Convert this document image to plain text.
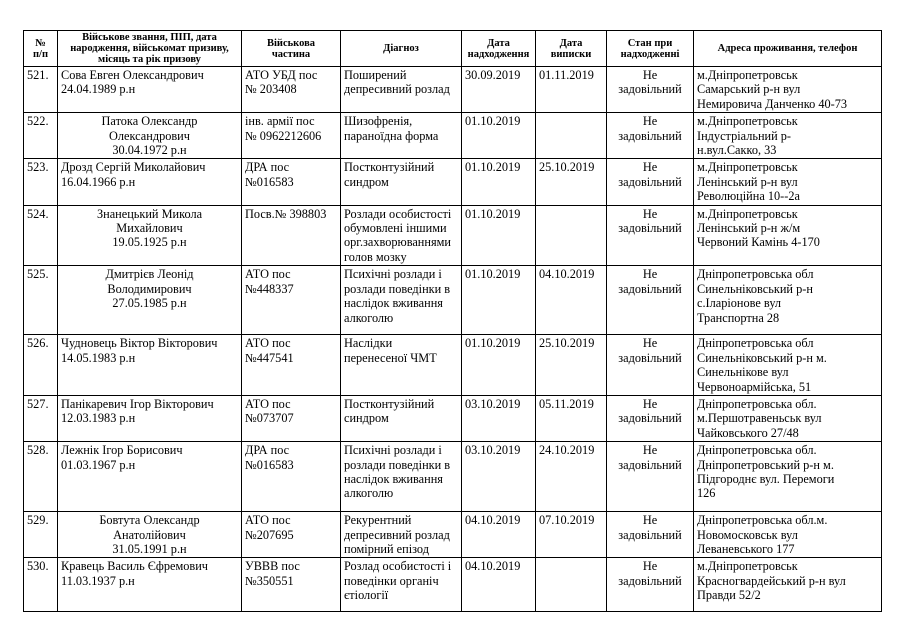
№
п/п	Військове звання, ПІП, дата
народження, військомат призиву,
місяць та рік призову	Військова
частина	Діагноз	Дата
надходження	Дата
виписки	Стан при
надходженні	Адреса проживання, телефон

521.	Сова Евген Олександрович
24.04.1989 р.н	АТО УБД пос
№ 203408	Поширений
депресивний розлад	30.09.2019	01.11.2019	Не
задовільний	м.Дніпропетровськ
Самарський р-н вул
Немировича Данченко 40-73

522.	Патока Олександр
Олександрович
30.04.1972 р.н	інв. армії пос
№ 0962212606	Шизофренія,
параноїдна форма	01.10.2019		Не
задовільний	м.Дніпропетровськ
Індустріальний р-
н.вул.Сакко, 33

523.	Дрозд Сергій Миколайович
16.04.1966 р.н	ДРА пос
№016583	Постконтузійний
синдром	01.10.2019	25.10.2019	Не
задовільний	м.Дніпропетровськ
Ленінський р-н вул
Революційна 10--2а

524.	Знанецький Микола
Михайлович
19.05.1925 р.н	Посв.№ 398803	Розлади особистості
обумовлені іншими
орг.захворюваннями
голов мозку	01.10.2019		Не
задовільний	м.Дніпропетровськ
Ленінський р-н ж/м
Червоний Камінь 4-170

525.	Дмитрієв Леонід
Володимирович
27.05.1985 р.н	АТО пос
№448337	Психічні розлади і
розлади поведінки в
наслідок вживання
алкоголю	01.10.2019	04.10.2019	Не
задовільний	Дніпропетровська обл
Синельніковський р-н
с.Іларіонове вул
Транспортна 28

526.	Чудновець Віктор Вікторович
14.05.1983 р.н	АТО пос
№447541	Наслідки
перенесеної ЧМТ	01.10.2019	25.10.2019	Не
задовільний	Дніпропетровська обл
Синельніковський р-н м.
Синельнікове вул
Червоноармійська, 51

527.	Панікаревич Ігор Вікторович
12.03.1983 р.н	АТО пос
№073707	Постконтузійний
синдром	03.10.2019	05.11.2019	Не
задовільний	Дніпропетровська обл.
м.Першотравеньськ вул
Чайковського 27/48

528.	Лежнік Ігор Борисович
01.03.1967 р.н	ДРА пос
№016583	Психічні розлади і
розлади поведінки в
наслідок вживання
алкоголю	03.10.2019	24.10.2019	Не
задовільний	Дніпропетровська обл.
Дніпропетровський р-н м.
Підгороднє вул. Перемоги
126

529.	Бовтута Олександр
Анатолійович
31.05.1991 р.н	АТО пос
№207695	Рекурентний
депресивний розлад
помірний епізод	04.10.2019	07.10.2019	Не
задовільний	Дніпропетровська обл.м.
Новомосковськ вул
Леваневського 177

530.	Кравець Василь Єфремович
11.03.1937 р.н	УВВВ пос
№350551	Розлад особистості і
поведінки органіч
єтіології	04.10.2019		Не
задовільний	м.Дніпропетровськ
Красногвардейський р-н вул
Правди 52/2
